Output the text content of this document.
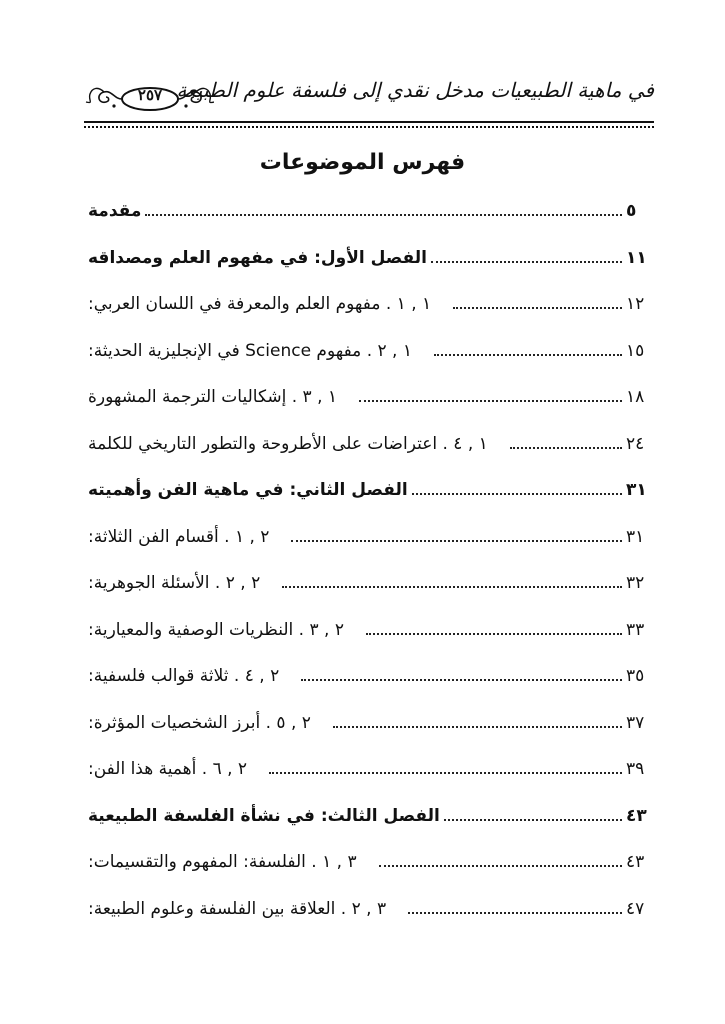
في ماهية الطبيعيات مدخل نقدي إلى فلسفة علوم الطبيعة
٢٥٧
فهرس الموضوعات
مقدمة	٥
الفصل الأول: في مفهوم العلم ومصداقه	١١
١ , ١ . مفهوم العلم والمعرفة في اللسان العربي:	١٢
١ , ٢ . مفهوم Science في الإنجليزية الحديثة:	١٥
١ , ٣ . إشكاليات الترجمة المشهورة	١٨
١ , ٤ . اعتراضات على الأطروحة والتطور التاريخي للكلمة	٢٤
الفصل الثاني: في ماهية الفن وأهميته	٣١
٢ , ١ . أقسام الفن الثلاثة:	٣١
٢ , ٢ . الأسئلة الجوهرية:	٣٢
٢ , ٣ . النظريات الوصفية والمعيارية:	٣٣
٢ , ٤ . ثلاثة قوالب فلسفية:	٣٥
٢ , ٥ . أبرز الشخصيات المؤثرة:	٣٧
٢ , ٦ . أهمية هذا الفن:	٣٩
الفصل الثالث: في نشأة الفلسفة الطبيعية	٤٣
٣ , ١ . الفلسفة: المفهوم والتقسيمات:	٤٣
٣ , ٢ . العلاقة بين الفلسفة وعلوم الطبيعة:	٤٧
